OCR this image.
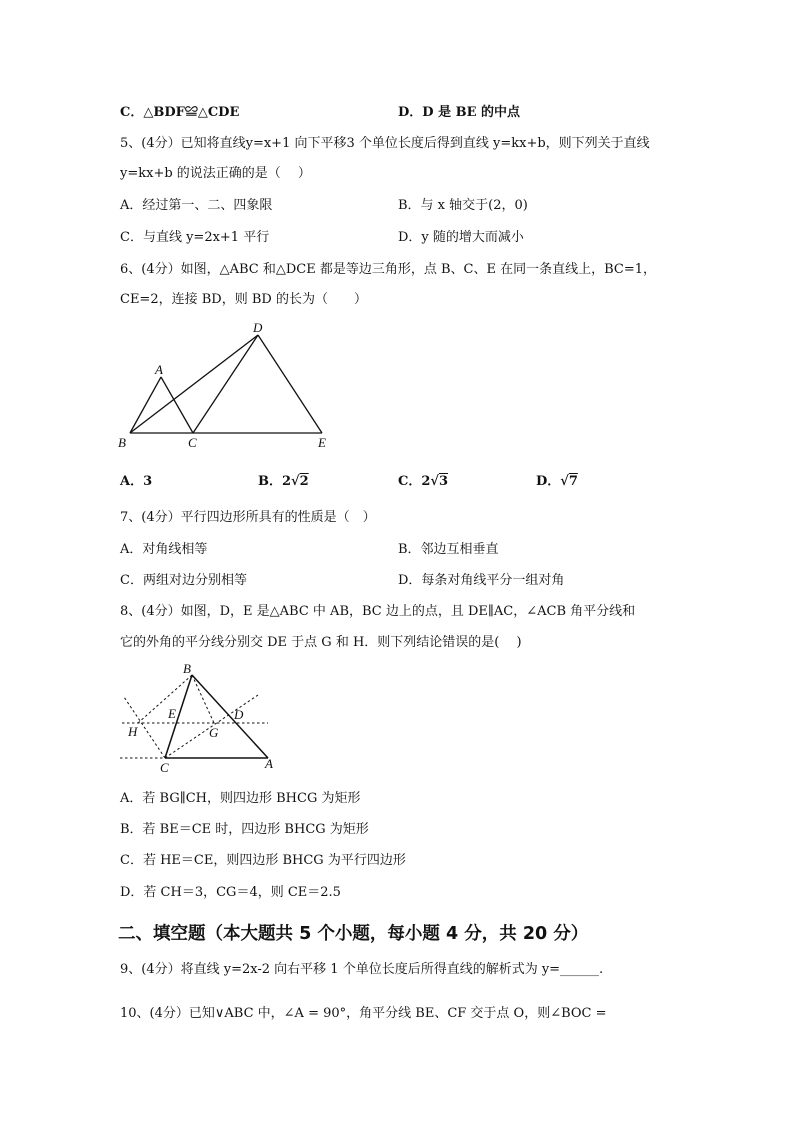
C．△BDF≌△CDE	D．D 是 BE 的中点
5、(4分）已知将直线y=x+1 向下平移3 个单位长度后得到直线 y=kx+b，则下列关于直线
y=kx+b 的说法正确的是（　 ）
A．经过第一、二、四象限	B．与 x 轴交于(2，0)
C．与直线 y=2x+1 平行	D．y 随的增大而减小
6、(4分）如图，△ABC 和△DCE 都是等边三角形，点 B、C、E 在同一条直线上，BC=1，
CE=2，连接 BD，则 BD 的长为（　　）
A
B	C
D
E
A．3	B．2√2	C．2√3	D．√7
7、(4分）平行四边形所具有的性质是（　）
A．对角线相等	B．邻边互相垂直
C．两组对边分别相等	D．每条对角线平分一组对角
8、(4分）如图，D，E 是△ABC 中 AB，BC 边上的点，且 DE∥AC，∠ACB 角平分线和
它的外角的平分线分别交 DE 于点 G 和 H．则下列结论错误的是(　 )
B
E	D
H	G
C	A
A．若 BG∥CH，则四边形 BHCG 为矩形
B．若 BE＝CE 时，四边形 BHCG 为矩形
C．若 HE＝CE，则四边形 BHCG 为平行四边形
D．若 CH＝3，CG＝4，则 CE＝2.5
二、填空题（本大题共 5 个小题，每小题 4 分，共 20 分）
9、(4分）将直线 y=2x-2 向右平移 1 个单位长度后所得直线的解析式为 y=______.
10、(4分）已知∨ABC 中，∠A = 90°，角平分线 BE、CF 交于点 O，则∠BOC =
